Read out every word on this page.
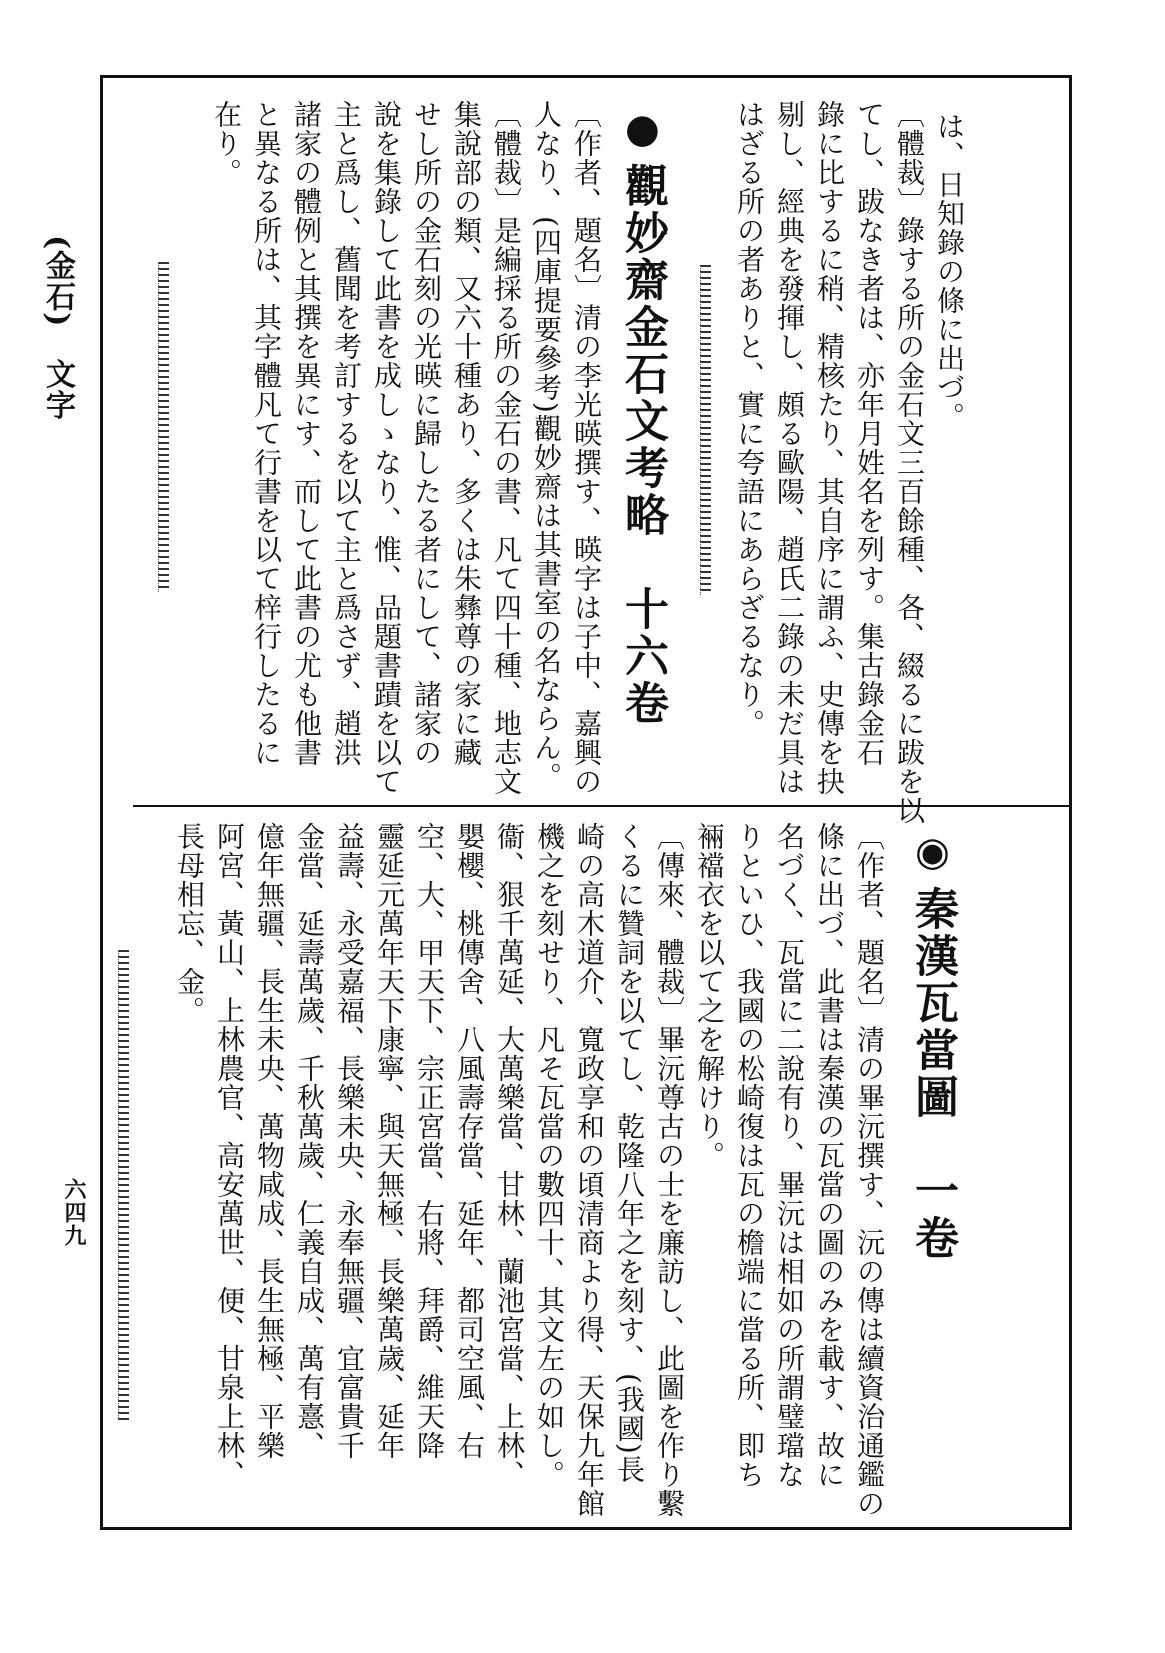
(金石)　文字
六四九
は、日知錄の條に出づ。
〔體裁〕錄する所の金石文三百餘種、各、綴るに跋を以
てし、跋なき者は、亦年月姓名を列す。集古錄金石
錄に比するに稍、精核たり、其自序に謂ふ、史傳を抉
剔し、經典を發揮し、頗る歐陽、趙氏二錄の未だ具は
はざる所の者ありと、實に夸語にあらざるなり。
●觀妙齋金石文考略　十六卷
〔作者、題名〕清の李光暎撰す、暎字は子中、嘉興の
人なり、(四庫提要參考)觀妙齋は其書室の名ならん。
〔體裁〕是編採る所の金石の書、凡て四十種、地志文
集說部の類、又六十種あり、多くは朱彝尊の家に藏
せし所の金石刻の光暎に歸したる者にして、諸家の
說を集錄して此書を成しゝなり、惟、品題書蹟を以て
主と爲し、舊聞を考訂するを以て主と爲さず、趙洪
諸家の體例と其撰を異にす、而して此書の尤も他書
と異なる所は、其字體凡て行書を以て梓行したるに
在り。
◉秦漢瓦當圖　一卷
〔作者、題名〕清の畢沅撰す、沅の傳は續資治通鑑の
條に出づ、此書は秦漢の瓦當の圖のみを載す、故に
名づく、瓦當に二說有り、畢沅は相如の所謂璧璫な
りといひ、我國の松崎復は瓦の檐端に當る所、即ち
裲襠衣を以て之を解けり。
〔傳來、體裁〕畢沅尊古の士を廉訪し、此圖を作り繫
くるに贊詞を以てし、乾隆八年之を刻す、(我國)長
崎の高木道介、寬政享和の頃清商より得、天保九年館
機之を刻せり、凡そ瓦當の數四十、其文左の如し。
衞、狠千萬延、大萬樂當、甘林、蘭池宮當、上林、
嬰櫻、桃傳舍、八風壽存當、延年、都司空風、右
空、大、甲天下、宗正宮當、右將、拜爵、維天降
靈延元萬年天下康寧、與天無極、長樂萬歲、延年
益壽、永受嘉福、長樂未央、永奉無疆、宜富貴千
金當、延壽萬歲、千秋萬歲、仁義自成、萬有憙、
億年無疆、長生未央、萬物咸成、長生無極、平樂
阿宮、黃山、上林農官、高安萬世、便、甘泉上林、
長母相忘、金。
